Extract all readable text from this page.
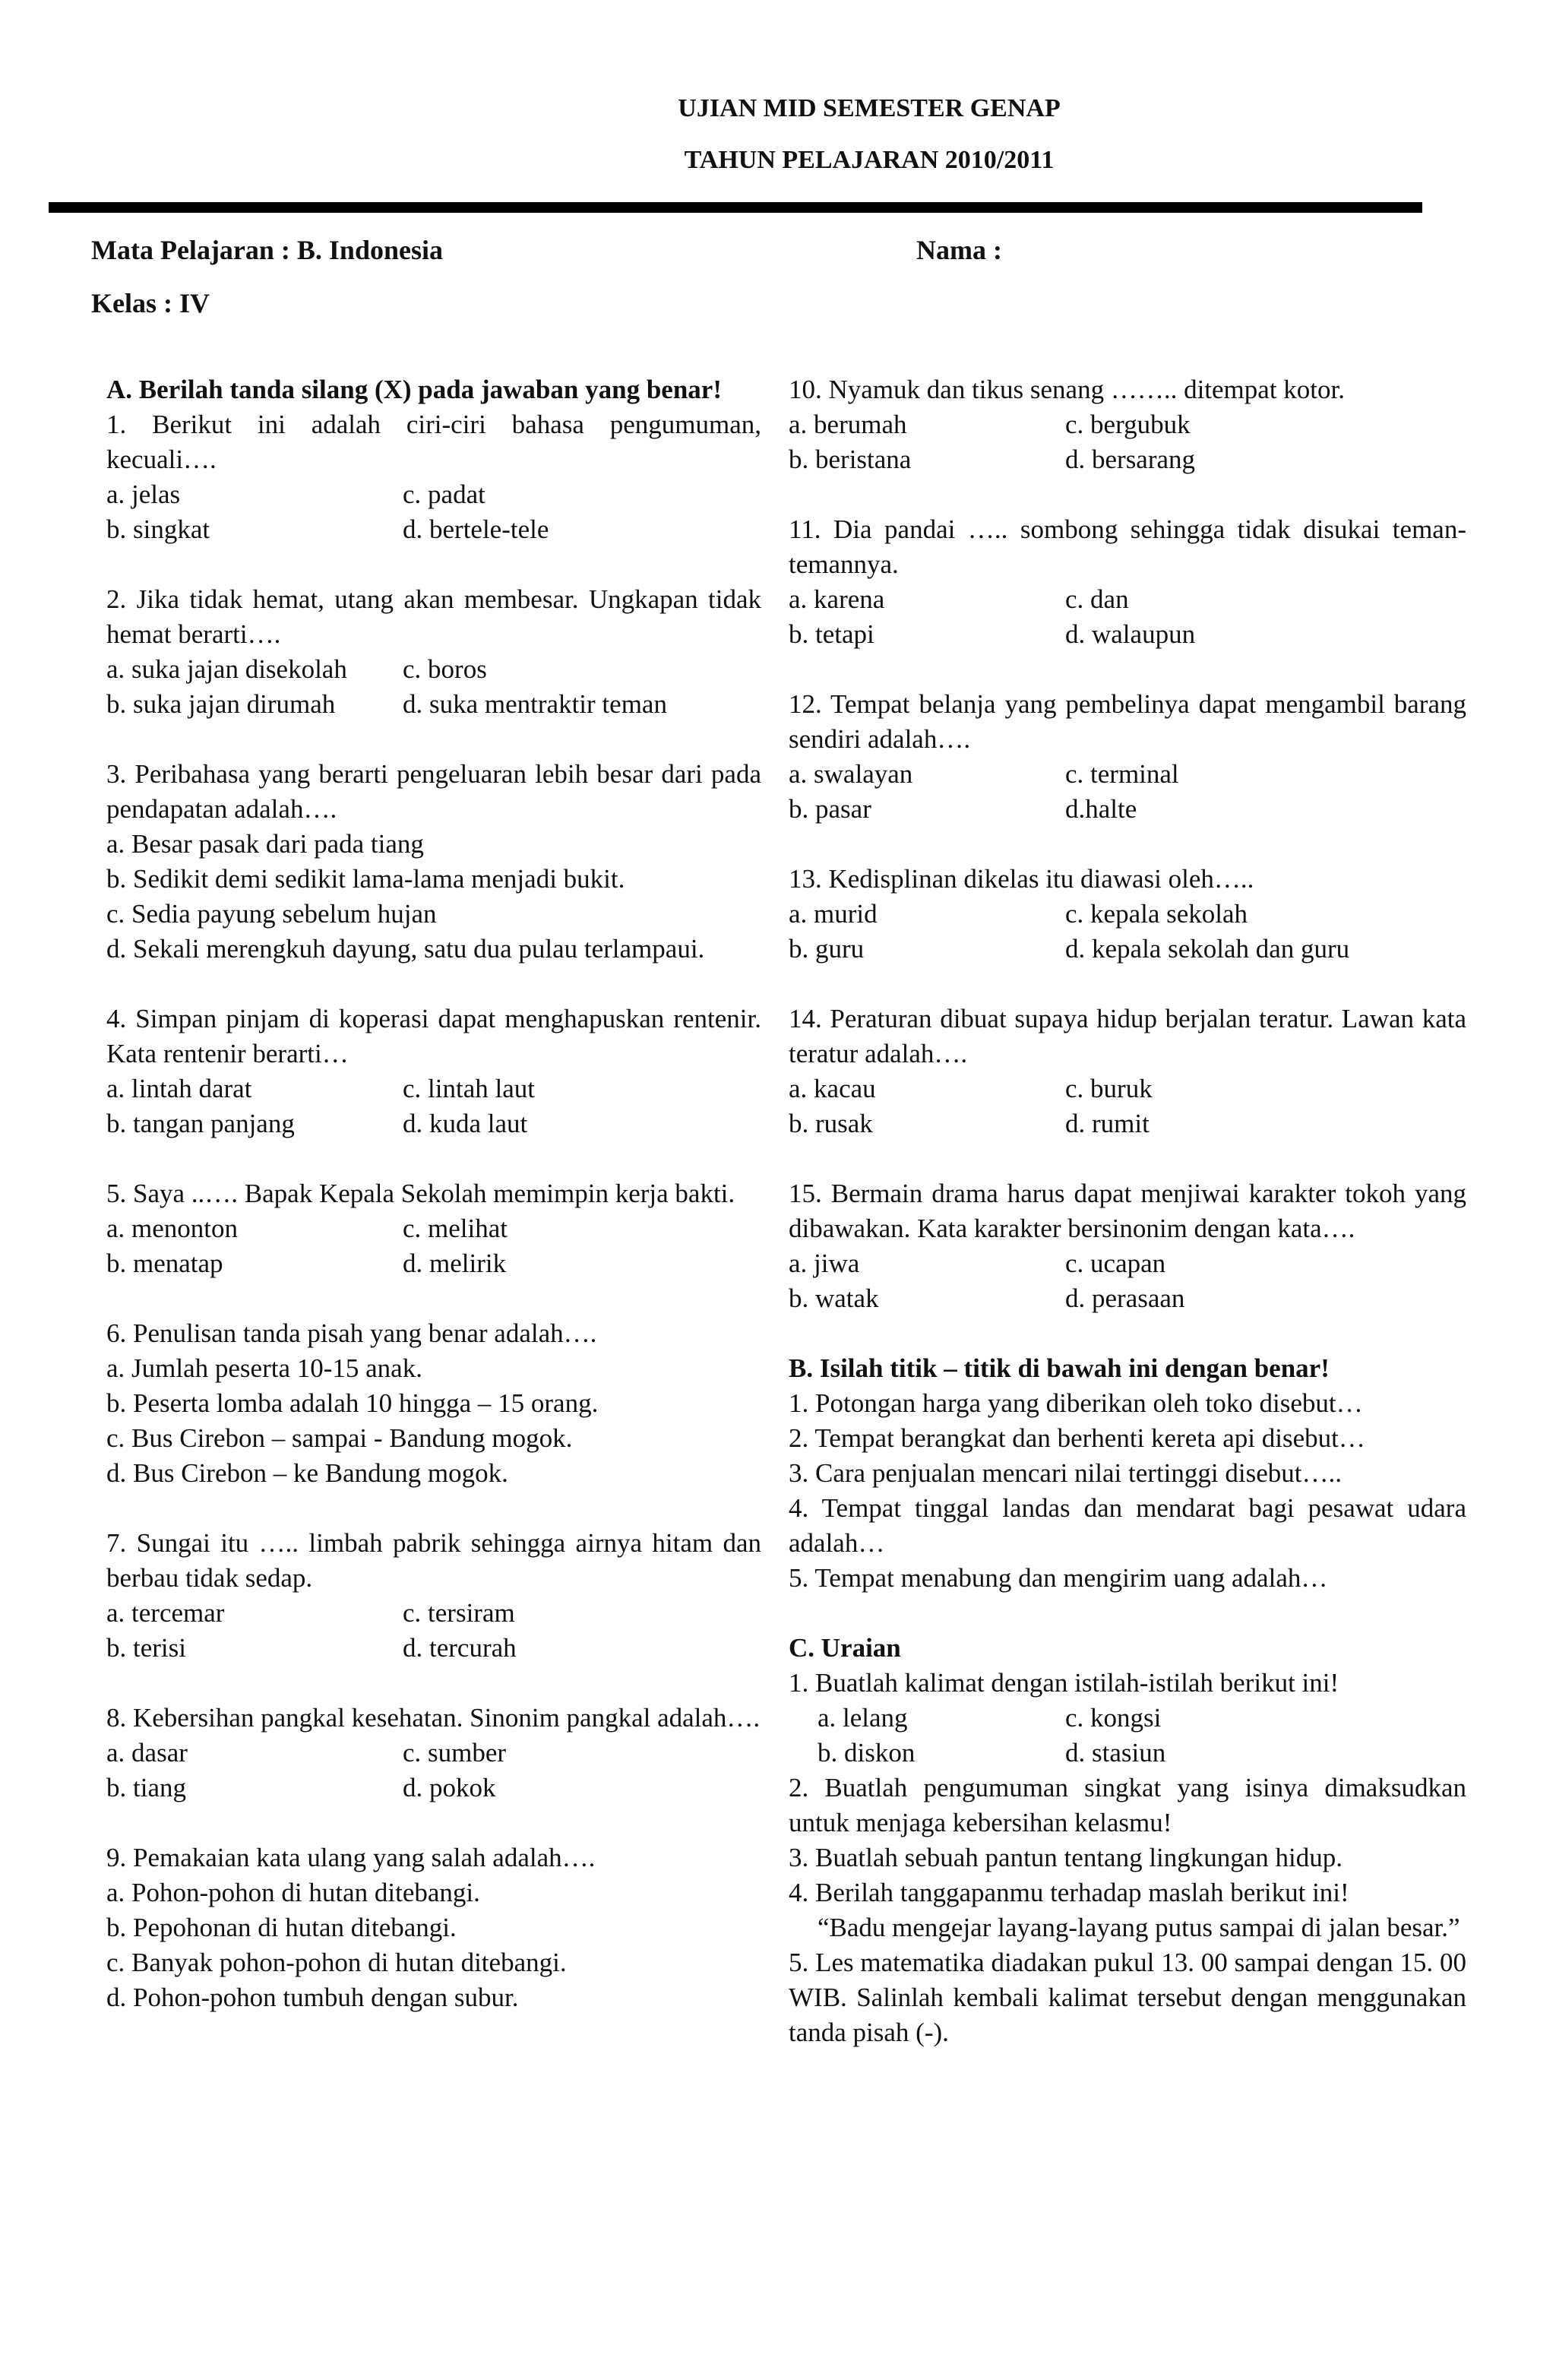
UJIAN MID SEMESTER GENAP
TAHUN PELAJARAN 2010/2011
Mata Pelajaran : B. Indonesia	Nama :
Kelas : IV
A. Berilah tanda silang (X) pada jawaban yang benar!
1. Berikut ini adalah ciri-ciri bahasa pengumuman, kecuali….
a. jelas	c. padat
b. singkat	d. bertele-tele
2. Jika tidak hemat, utang akan membesar. Ungkapan tidak hemat berarti….
a. suka jajan disekolah	c. boros
b. suka jajan dirumah	d. suka mentraktir teman
3. Peribahasa yang berarti pengeluaran lebih besar dari pada pendapatan adalah….
a. Besar pasak dari pada tiang
b. Sedikit demi sedikit lama-lama menjadi bukit.
c. Sedia payung sebelum hujan
d. Sekali merengkuh dayung, satu dua pulau terlampaui.
4. Simpan pinjam di koperasi dapat menghapuskan rentenir. Kata rentenir berarti…
a. lintah darat	c. lintah laut
b. tangan panjang	d. kuda laut
5. Saya ..…. Bapak Kepala Sekolah memimpin kerja bakti.
a. menonton	c. melihat
b. menatap	d. melirik
6. Penulisan tanda pisah yang benar adalah….
a. Jumlah peserta 10-15 anak.
b. Peserta lomba adalah 10 hingga – 15 orang.
c. Bus Cirebon – sampai - Bandung mogok.
d. Bus Cirebon – ke Bandung mogok.
7. Sungai itu ….. limbah pabrik sehingga airnya hitam dan berbau tidak sedap.
a. tercemar	c. tersiram
b. terisi	d. tercurah
8. Kebersihan pangkal kesehatan. Sinonim pangkal adalah….
a. dasar	c. sumber
b. tiang	d. pokok
9. Pemakaian kata ulang yang salah adalah….
a. Pohon-pohon di hutan ditebangi.
b. Pepohonan di hutan ditebangi.
c. Banyak pohon-pohon di hutan ditebangi.
d. Pohon-pohon tumbuh dengan subur.
10. Nyamuk dan tikus senang …….. ditempat kotor.
a. berumah	c. bergubuk
b. beristana	d. bersarang
11. Dia pandai ….. sombong sehingga tidak disukai teman-temannya.
a. karena	c. dan
b. tetapi	d. walaupun
12. Tempat belanja yang pembelinya dapat mengambil barang sendiri adalah….
a. swalayan	c. terminal
b. pasar	d.halte
13. Kedisplinan dikelas itu diawasi oleh…..
a. murid	c. kepala sekolah
b. guru	d. kepala sekolah dan guru
14. Peraturan dibuat supaya hidup berjalan teratur. Lawan kata teratur adalah….
a. kacau	c. buruk
b. rusak	d. rumit
15. Bermain drama harus dapat menjiwai karakter tokoh yang dibawakan. Kata karakter bersinonim dengan kata….
a. jiwa	c. ucapan
b. watak	d. perasaan
B. Isilah titik – titik di bawah ini dengan benar!
1. Potongan harga yang diberikan oleh toko disebut…
2. Tempat berangkat dan berhenti kereta api disebut…
3. Cara penjualan mencari nilai tertinggi disebut…..
4. Tempat tinggal landas dan mendarat bagi pesawat udara adalah…
5. Tempat menabung dan mengirim uang adalah…
C. Uraian
1. Buatlah kalimat dengan istilah-istilah berikut ini!
a. lelang	c. kongsi
b. diskon	d. stasiun
2. Buatlah pengumuman singkat yang isinya dimaksudkan untuk menjaga kebersihan kelasmu!
3. Buatlah sebuah pantun tentang lingkungan hidup.
4. Berilah tanggapanmu terhadap maslah berikut ini!
“Badu mengejar layang-layang putus sampai di jalan besar.”
5. Les matematika diadakan pukul 13. 00 sampai dengan 15. 00 WIB. Salinlah kembali kalimat tersebut dengan menggunakan tanda pisah (-).
